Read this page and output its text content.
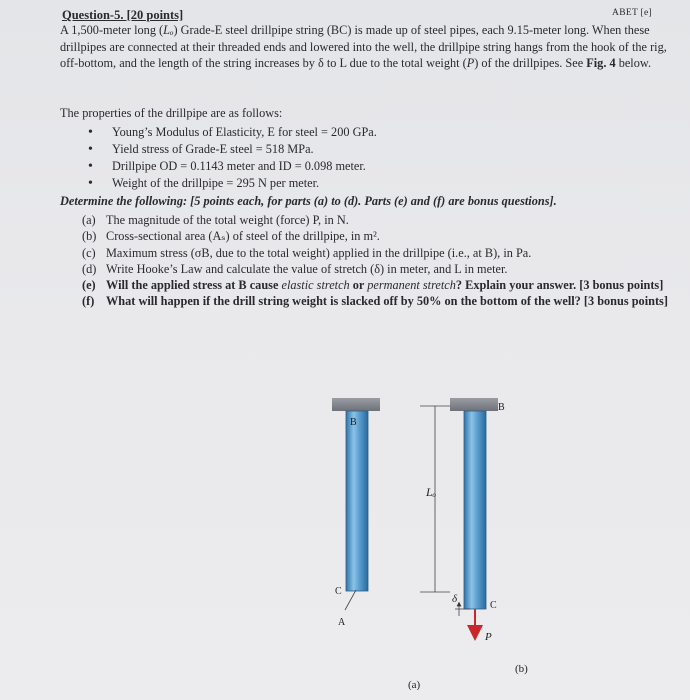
Question-5. [20 points]	ABET [e]
A 1,500-meter long (Lₒ) Grade-E steel drillpipe string (BC) is made up of steel pipes, each 9.15-meter long. When these drillpipes are connected at their threaded ends and lowered into the well, the drillpipe string hangs from the hook of the rig, off-bottom, and the length of the string increases by δ to L due to the total weight (P) of the drillpipes. See Fig. 4 below.
The properties of the drillpipe are as follows:
• Young’s Modulus of Elasticity, E for steel = 200 GPa.
• Yield stress of Grade-E steel = 518 MPa.
• Drillpipe OD = 0.1143 meter and ID = 0.098 meter.
• Weight of the drillpipe = 295 N per meter.
Determine the following: [5 points each, for parts (a) to (d). Parts (e) and (f) are bonus questions].
(a) The magnitude of the total weight (force) P, in N.
(b) Cross-sectional area (Aₛ) of steel of the drillpipe, in m².
(c) Maximum stress (σB, due to the total weight) applied in the drillpipe (i.e., at B), in Pa.
(d) Write Hooke’s Law and calculate the value of stretch (δ) in meter, and L in meter.
(e) Will the applied stress at B cause elastic stretch or permanent stretch? Explain your answer. [3 bonus points]
(f) What will happen if the drill string weight is slacked off by 50% on the bottom of the well? [3 bonus points]
Lₒ
δ
B
B
C
C
A
P
(a)
(b)
